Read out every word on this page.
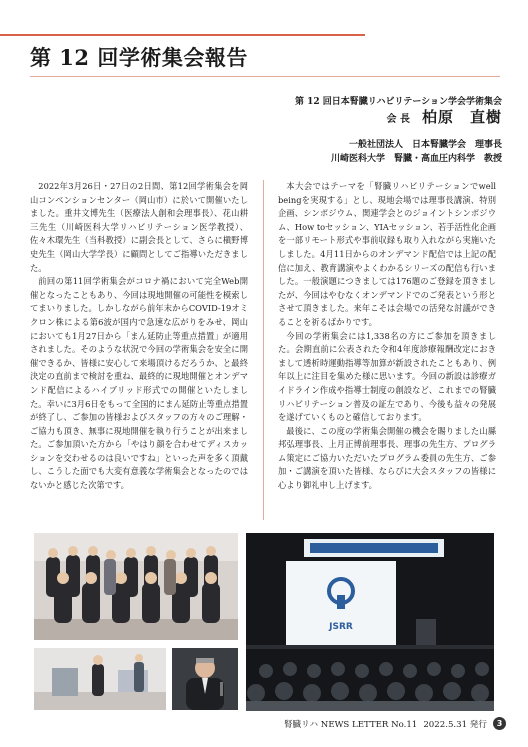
第 12 回学術集会報告
第 12 回日本腎臓リハビリテーション学会学術集会
会 長 柏原　直樹
一般社団法人　日本腎臓学会　理事長
川崎医科大学　腎臓・高血圧内科学　教授

2022年3月26日・27日の2日間、第12回学術集会を岡山コンベンションセンター（岡山市）に於いて開催いたしました。重井文博先生（医療法人創和会理事長）、花山耕三先生（川崎医科大学リハビリテーション医学教授）、佐々木環先生（当科教授）に副会長として、さらに槇野博史先生（岡山大学学長）に顧問としてご指導いただきました。

前回の第11回学術集会がコロナ禍において完全Web開催となったこともあり、今回は現地開催の可能性を模索してまいりました。しかしながら前年末からCOVID-19オミクロン株による第6波が国内で急速な広がりをみせ、岡山においても1月27日から「まん延防止等重点措置」が適用されました。そのような状況で今回の学術集会を安全に開催できるか、皆様に安心して来場頂けるだろうか、と最終決定の直前まで検討を重ね、最終的に現地開催とオンデマンド配信によるハイブリッド形式での開催といたしました。幸いに3月6日をもって全国的にまん延防止等重点措置が終了し、ご参加の皆様およびスタッフの方々のご理解・ご協力も頂き、無事に現地開催を執り行うことが出来ました。ご参加頂いた方から「やはり顔を合わせてディスカッションを交わせるのは良いですね」といった声を多く頂戴し、こうした面でも大変有意義な学術集会となったのではないかと感じた次第です。

本大会ではテーマを「腎臓リハビリテーションでwell beingを実現する」とし、現地会場では理事長講演、特別企画、シンポジウム、関連学会とのジョイントシンポジウム、How toセッション、YIAセッション、若手活性化企画を一部リモート形式や事前収録も取り入れながら実施いたしました。4月11日からのオンデマンド配信では上記の配信に加え、教育講演やよくわかるシリーズの配信も行いました。一般演題につきましては176題のご登録を頂きましたが、今回はやむなくオンデマンドでのご発表という形とさせて頂きました。来年こそは会場での活発な討議ができることを祈るばかりです。

今回の学術集会には1,338名の方にご参加を頂きました。会期直前に公表された令和4年度診療報酬改定におきまして透析時運動指導等加算が新設されたこともあり、例年以上に注目を集めた様に思います。今回の新設は診療ガイドライン作成や指導士制度の創設など、これまでの腎臓リハビリテーション普及の証左であり、今後も益々の発展を遂げていくものと確信しております。

最後に、この度の学術集会開催の機会を賜りました山縣邦弘理事長、上月正博前理事長、理事の先生方、プログラム策定にご協力いただいたプログラム委員の先生方、ご参加・ご講演を頂いた皆様、ならびに大会スタッフの皆様に心より御礼申し上げます。

JSRR
腎臓リハ NEWS LETTER No.11 2022.5.31 発行	3
